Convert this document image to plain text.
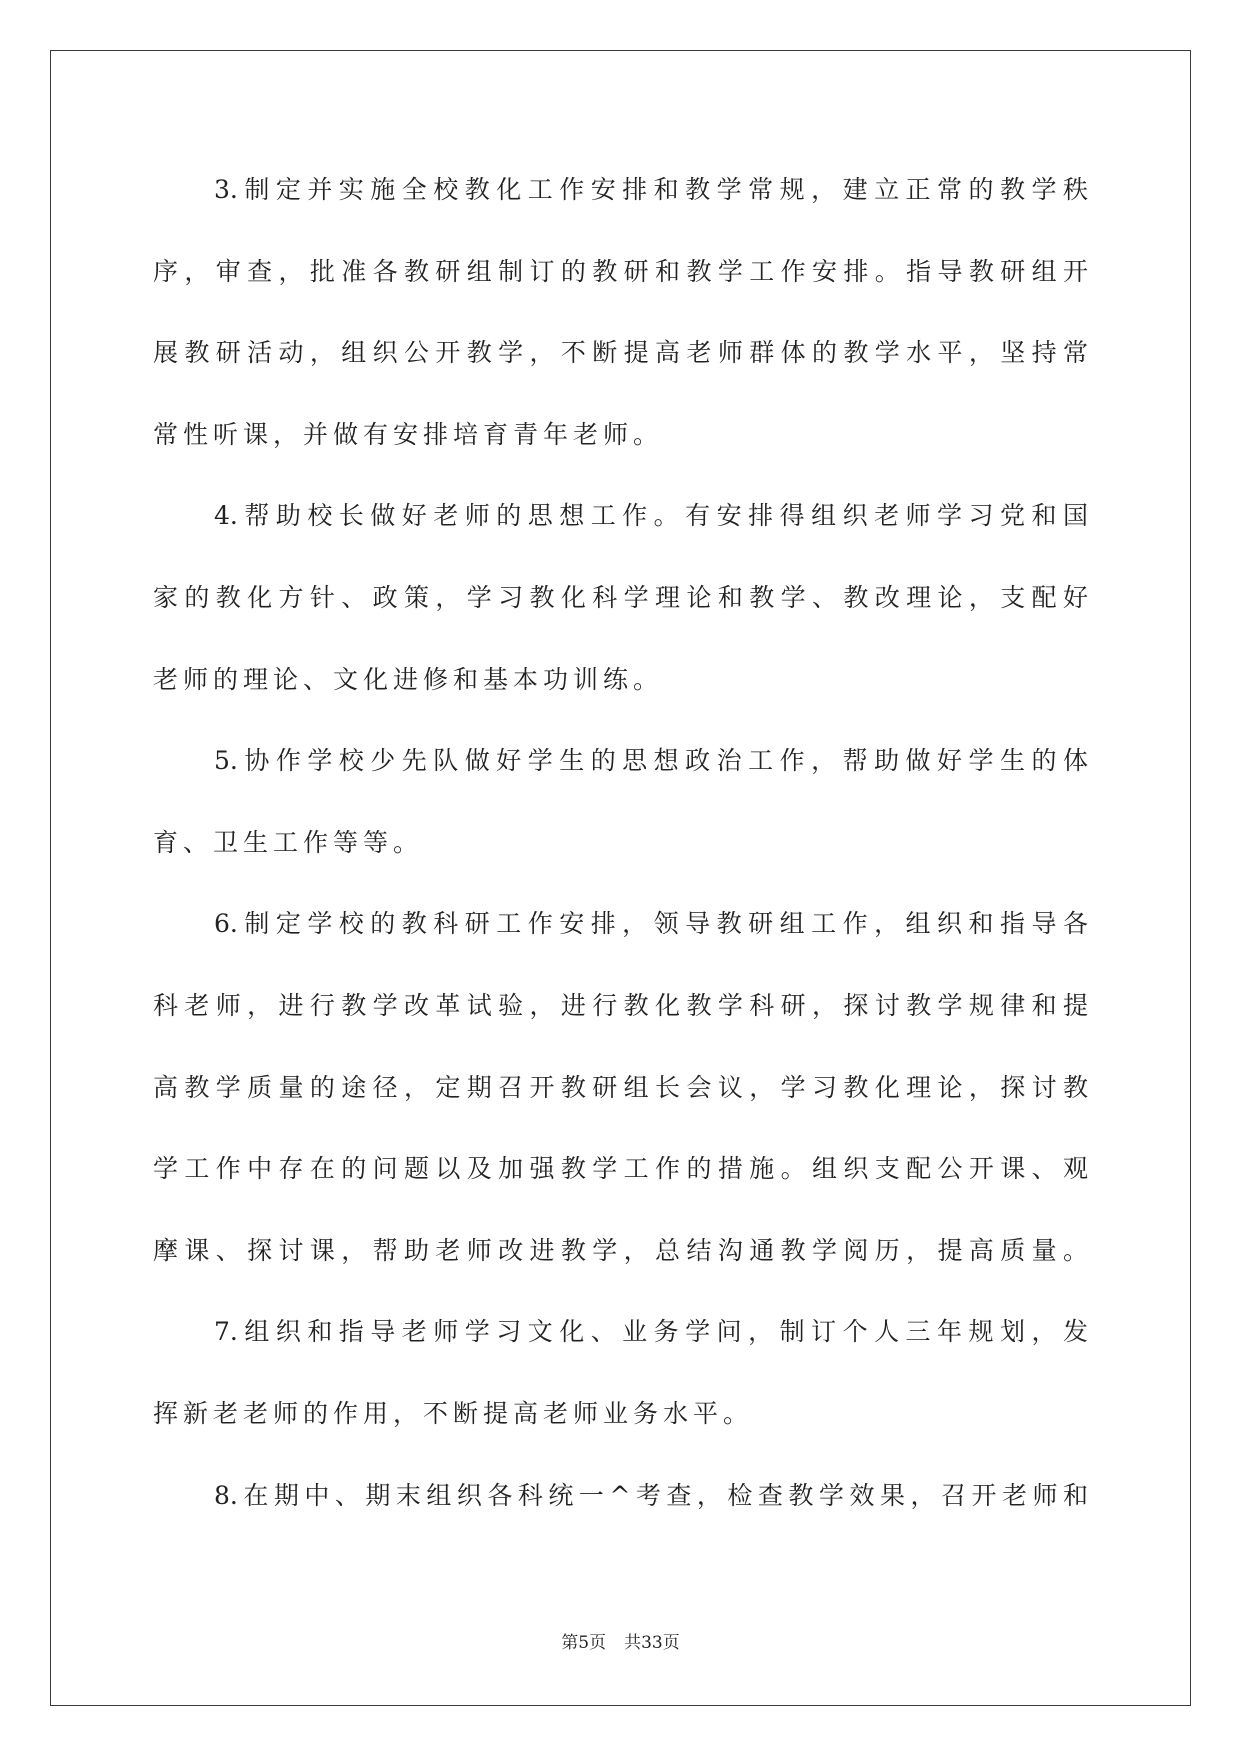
3.制定并实施全校教化工作安排和教学常规，建立正常的教学秩
序，审查，批准各教研组制订的教研和教学工作安排。指导教研组开
展教研活动，组织公开教学，不断提高老师群体的教学水平，坚持常
常性听课，并做有安排培育青年老师。
4.帮助校长做好老师的思想工作。有安排得组织老师学习党和国
家的教化方针、政策，学习教化科学理论和教学、教改理论，支配好
老师的理论、文化进修和基本功训练。
5.协作学校少先队做好学生的思想政治工作，帮助做好学生的体
育、卫生工作等等。
6.制定学校的教科研工作安排，领导教研组工作，组织和指导各
科老师，进行教学改革试验，进行教化教学科研，探讨教学规律和提
高教学质量的途径，定期召开教研组长会议，学习教化理论，探讨教
学工作中存在的问题以及加强教学工作的措施。组织支配公开课、观
摩课、探讨课，帮助老师改进教学，总结沟通教学阅历，提高质量。
7.组织和指导老师学习文化、业务学问，制订个人三年规划，发
挥新老老师的作用，不断提高老师业务水平。
8.在期中、期末组织各科统一^考查，检查教学效果，召开老师和
第5页 共33页
